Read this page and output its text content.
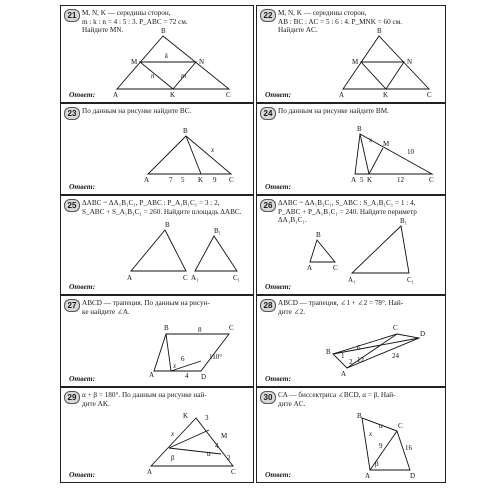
21 M, N, K — середины сторон,
m : k : n = 4 : 5 : 3. P_ABC = 72 см.
Найдите MN.	B
M	N
A	K	C
k
n	m
Ответ:
22 M, N, K — середины сторон,
AB : BC : AC = 5 : 6 : 4. P_MNK = 60 см.
Найдите AC.	B
M	N
A	K	C
Ответ:
23 По данным на рисунке найдите BC.
B
A	K	C
x
7 5	9
Ответ:
24 По данным на рисунке найдите BM.
B
M
A K	C
x
10
5	12
Ответ:
25 ΔABC ~ ΔA₁B₁C₁, P_ABC : P_A₁B₁C₁ = 3 : 2,
S_ABC + S_A₁B₁C₁ = 260. Найдите площадь ΔABC.
B
A	C
B₁
A₁	C₁
Ответ:
26 ΔABC ~ ΔA₁B₁C₁, S_ABC : S_A₁B₁C₁ = 1 : 4,
P_ABC + P_A₁B₁C₁ = 240. Найдите периметр ΔA₁B₁C₁.
B
A	C
B₁
A₁	C₁
Ответ:
27 ABCD — трапеция. По данным на рисун-
ке найдите ∠A.
B	C
A	D
8
6
4
x
110°
Ответ:
28 ABCD — трапеция, ∠1 + ∠2 = 78°. Най-
дите ∠2.
C
D
B
A
6
12	24
1
2
Ответ:
29 α + β = 180°. По данным на рисунке най-
дите AK.
K
M
A	C
x
3
4
2
α
β
Ответ:
30 CA — биссектриса ∠BCD, α = β. Най-
дите AC.
B
C
D
A
x
16
9
α
β
Ответ:
